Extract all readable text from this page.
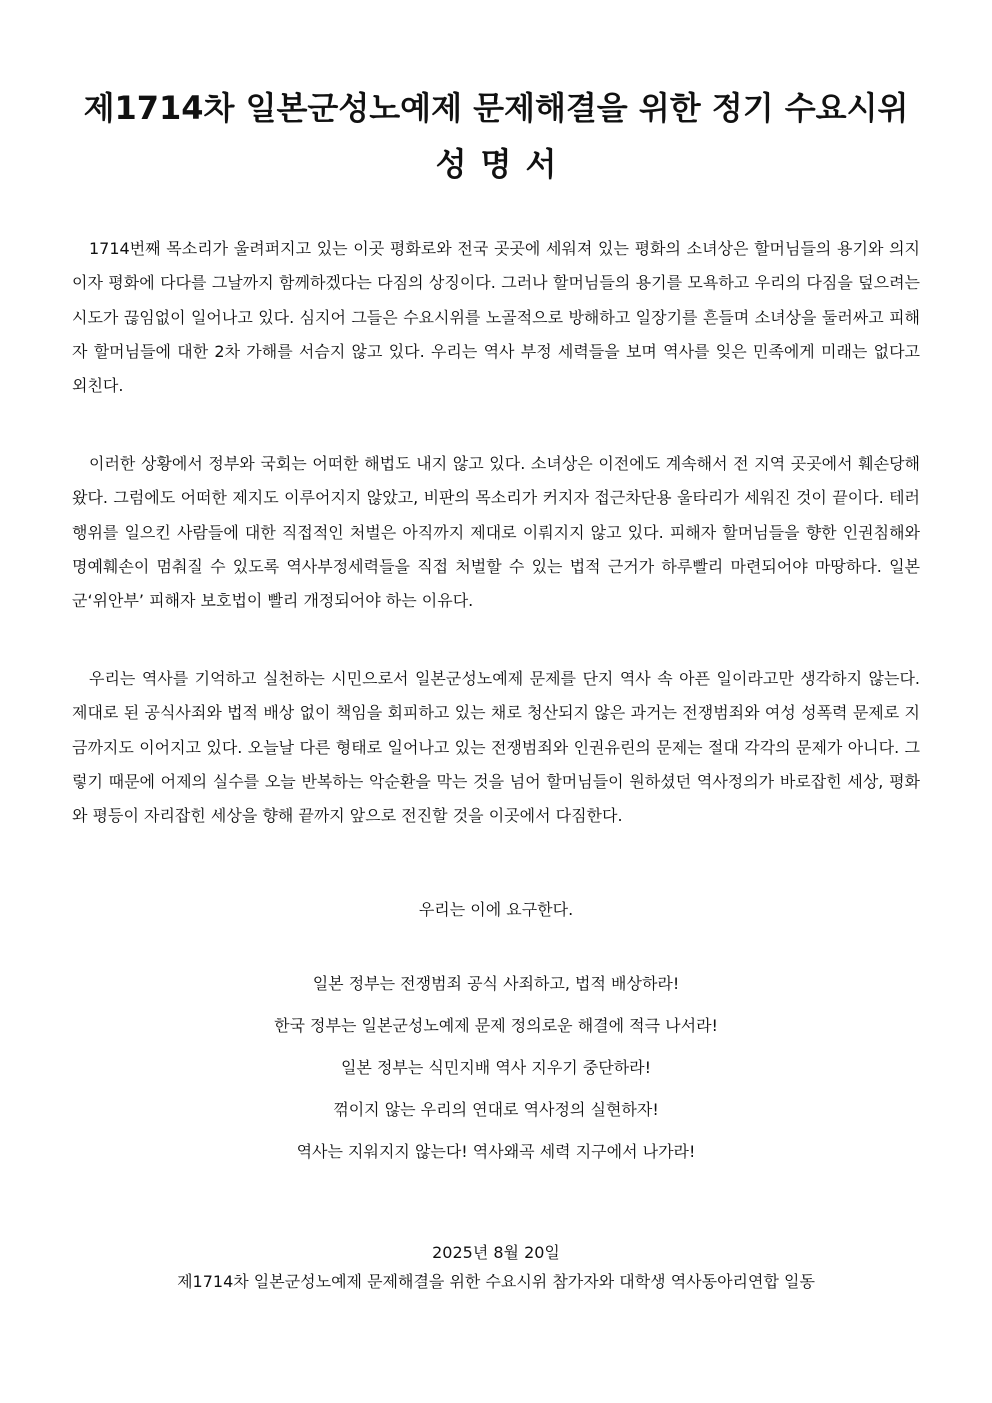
제1714차 일본군성노예제 문제해결을 위한 정기 수요시위
성명서

1714번째 목소리가 울려퍼지고 있는 이곳 평화로와 전국 곳곳에 세워져 있는 평화의 소녀상은 할머님들의 용기와 의지이자 평화에 다다를 그날까지 함께하겠다는 다짐의 상징이다. 그러나 할머님들의 용기를 모욕하고 우리의 다짐을 덮으려는 시도가 끊임없이 일어나고 있다. 심지어 그들은 수요시위를 노골적으로 방해하고 일장기를 흔들며 소녀상을 둘러싸고 피해자 할머님들에 대한 2차 가해를 서슴지 않고 있다. 우리는 역사 부정 세력들을 보며 역사를 잊은 민족에게 미래는 없다고 외친다.

이러한 상황에서 정부와 국회는 어떠한 해법도 내지 않고 있다. 소녀상은 이전에도 계속해서 전 지역 곳곳에서 훼손당해 왔다. 그럼에도 어떠한 제지도 이루어지지 않았고, 비판의 목소리가 커지자 접근차단용 울타리가 세워진 것이 끝이다. 테러 행위를 일으킨 사람들에 대한 직접적인 처벌은 아직까지 제대로 이뤄지지 않고 있다. 피해자 할머님들을 향한 인권침해와 명예훼손이 멈춰질 수 있도록 역사부정세력들을 직접 처벌할 수 있는 법적 근거가 하루빨리 마련되어야 마땅하다. 일본군‘위안부’ 피해자 보호법이 빨리 개정되어야 하는 이유다.

우리는 역사를 기억하고 실천하는 시민으로서 일본군성노예제 문제를 단지 역사 속 아픈 일이라고만 생각하지 않는다. 제대로 된 공식사죄와 법적 배상 없이 책임을 회피하고 있는 채로 청산되지 않은 과거는 전쟁범죄와 여성 성폭력 문제로 지금까지도 이어지고 있다. 오늘날 다른 형태로 일어나고 있는 전쟁범죄와 인권유린의 문제는 절대 각각의 문제가 아니다. 그렇기 때문에 어제의 실수를 오늘 반복하는 악순환을 막는 것을 넘어 할머님들이 원하셨던 역사정의가 바로잡힌 세상, 평화와 평등이 자리잡힌 세상을 향해 끝까지 앞으로 전진할 것을 이곳에서 다짐한다.

우리는 이에 요구한다.

일본 정부는 전쟁범죄 공식 사죄하고, 법적 배상하라!

한국 정부는 일본군성노예제 문제 정의로운 해결에 적극 나서라!

일본 정부는 식민지배 역사 지우기 중단하라!

꺾이지 않는 우리의 연대로 역사정의 실현하자!

역사는 지워지지 않는다! 역사왜곡 세력 지구에서 나가라!

2025년 8월 20일

제1714차 일본군성노예제 문제해결을 위한 수요시위 참가자와 대학생 역사동아리연합 일동
